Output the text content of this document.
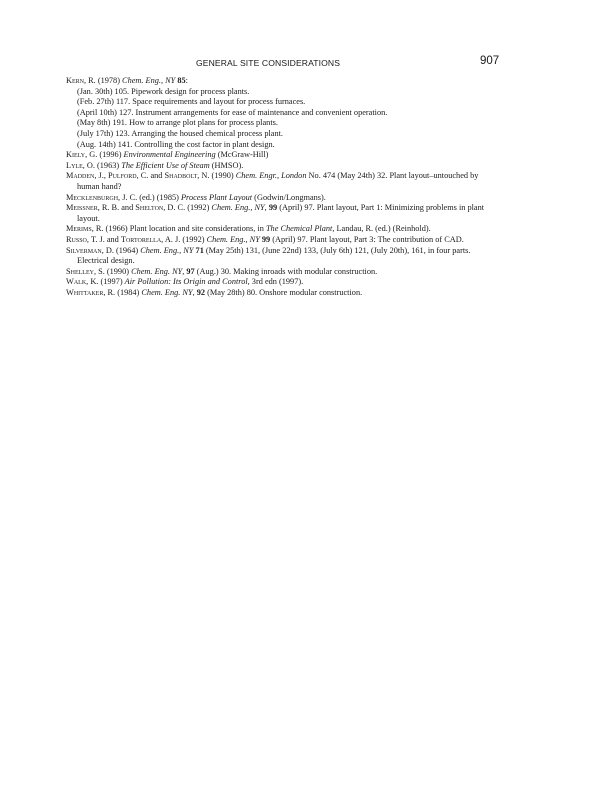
GENERAL SITE CONSIDERATIONS	907
Kern, R. (1978) Chem. Eng., NY 85:
(Jan. 30th) 105. Pipework design for process plants.
(Feb. 27th) 117. Space requirements and layout for process furnaces.
(April 10th) 127. Instrument arrangements for ease of maintenance and convenient operation.
(May 8th) 191. How to arrange plot plans for process plants.
(July 17th) 123. Arranging the housed chemical process plant.
(Aug. 14th) 141. Controlling the cost factor in plant design.
Kiely, G. (1996) Environmental Engineering (McGraw-Hill)
Lyle, O. (1963) The Efficient Use of Steam (HMSO).
Madden, J., Pulford, C. and Shadbolt, N. (1990) Chem. Engr., London No. 474 (May 24th) 32. Plant layout–untouched by human hand?
Mecklenburgh, J. C. (ed.) (1985) Process Plant Layout (Godwin/Longmans).
Meissner, R. B. and Shelton, D. C. (1992) Chem. Eng., NY, 99 (April) 97. Plant layout, Part 1: Minimizing problems in plant layout.
Merims, R. (1966) Plant location and site considerations, in The Chemical Plant, Landau, R. (ed.) (Reinhold).
Russo, T. J. and Tortorella, A. J. (1992) Chem. Eng., NY 99 (April) 97. Plant layout, Part 3: The contribution of CAD.
Silverman, D. (1964) Chem. Eng., NY 71 (May 25th) 131, (June 22nd) 133, (July 6th) 121, (July 20th), 161, in four parts. Electrical design.
Shelley, S. (1990) Chem. Eng. NY, 97 (Aug.) 30. Making inroads with modular construction.
Walk, K. (1997) Air Pollution: Its Origin and Control, 3rd edn (1997).
Whittaker, R. (1984) Chem. Eng. NY, 92 (May 28th) 80. Onshore modular construction.
